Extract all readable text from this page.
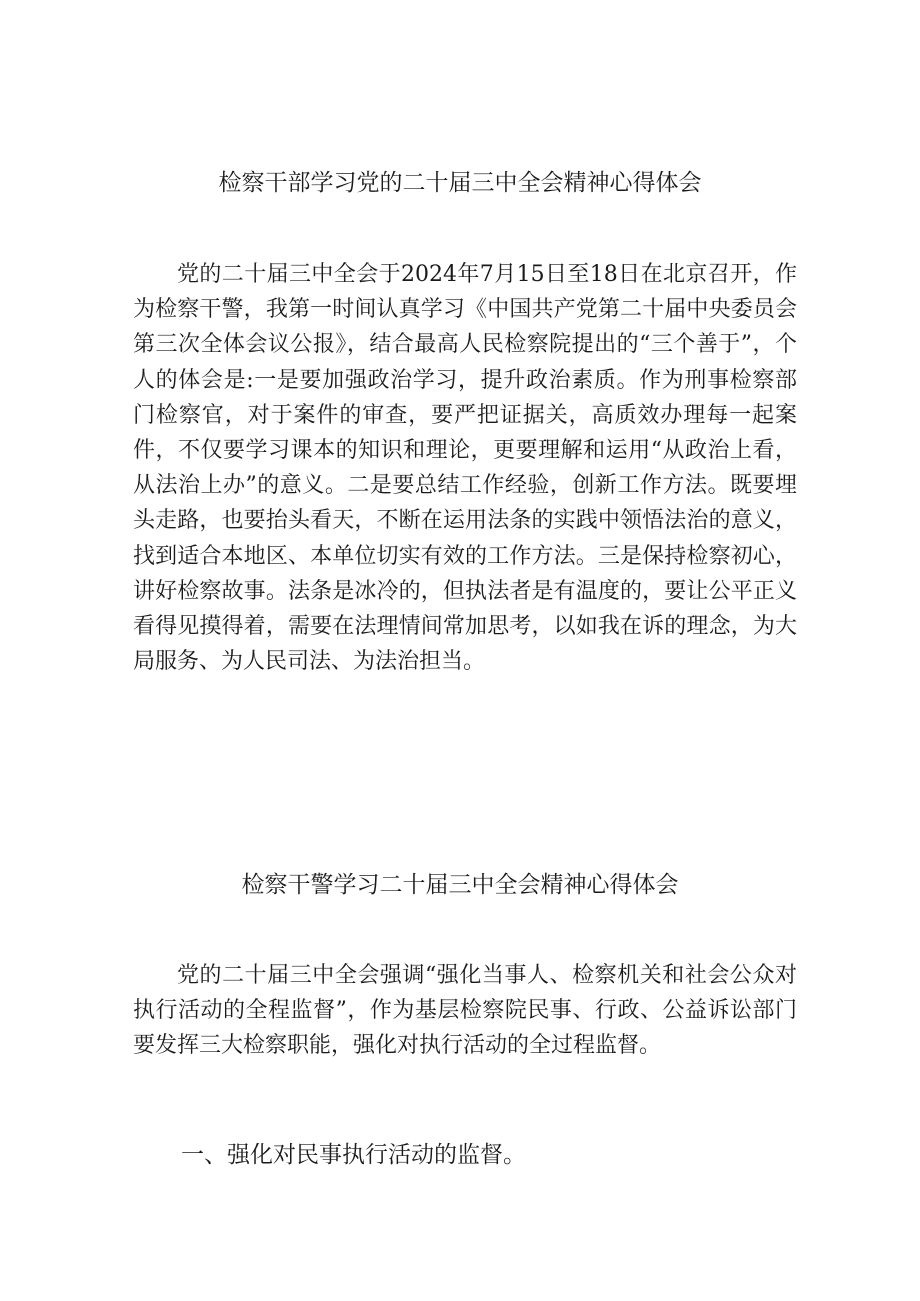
检察干部学习党的二十届三中全会精神心得体会

党的二十届三中全会于2024年7月15日至18日在北京召开，作为检察干警，我第一时间认真学习《中国共产党第二十届中央委员会第三次全体会议公报》，结合最高人民检察院提出的“三个善于”，个人的体会是:一是要加强政治学习，提升政治素质。作为刑事检察部门检察官，对于案件的审查，要严把证据关，高质效办理每一起案件，不仅要学习课本的知识和理论，更要理解和运用“从政治上看，从法治上办”的意义。二是要总结工作经验，创新工作方法。既要埋头走路，也要抬头看天，不断在运用法条的实践中领悟法治的意义，找到适合本地区、本单位切实有效的工作方法。三是保持检察初心，讲好检察故事。法条是冰冷的，但执法者是有温度的，要让公平正义看得见摸得着，需要在法理情间常加思考，以如我在诉的理念，为大局服务、为人民司法、为法治担当。

检察干警学习二十届三中全会精神心得体会

党的二十届三中全会强调“强化当事人、检察机关和社会公众对执行活动的全程监督”，作为基层检察院民事、行政、公益诉讼部门要发挥三大检察职能，强化对执行活动的全过程监督。

一、强化对民事执行活动的监督。
